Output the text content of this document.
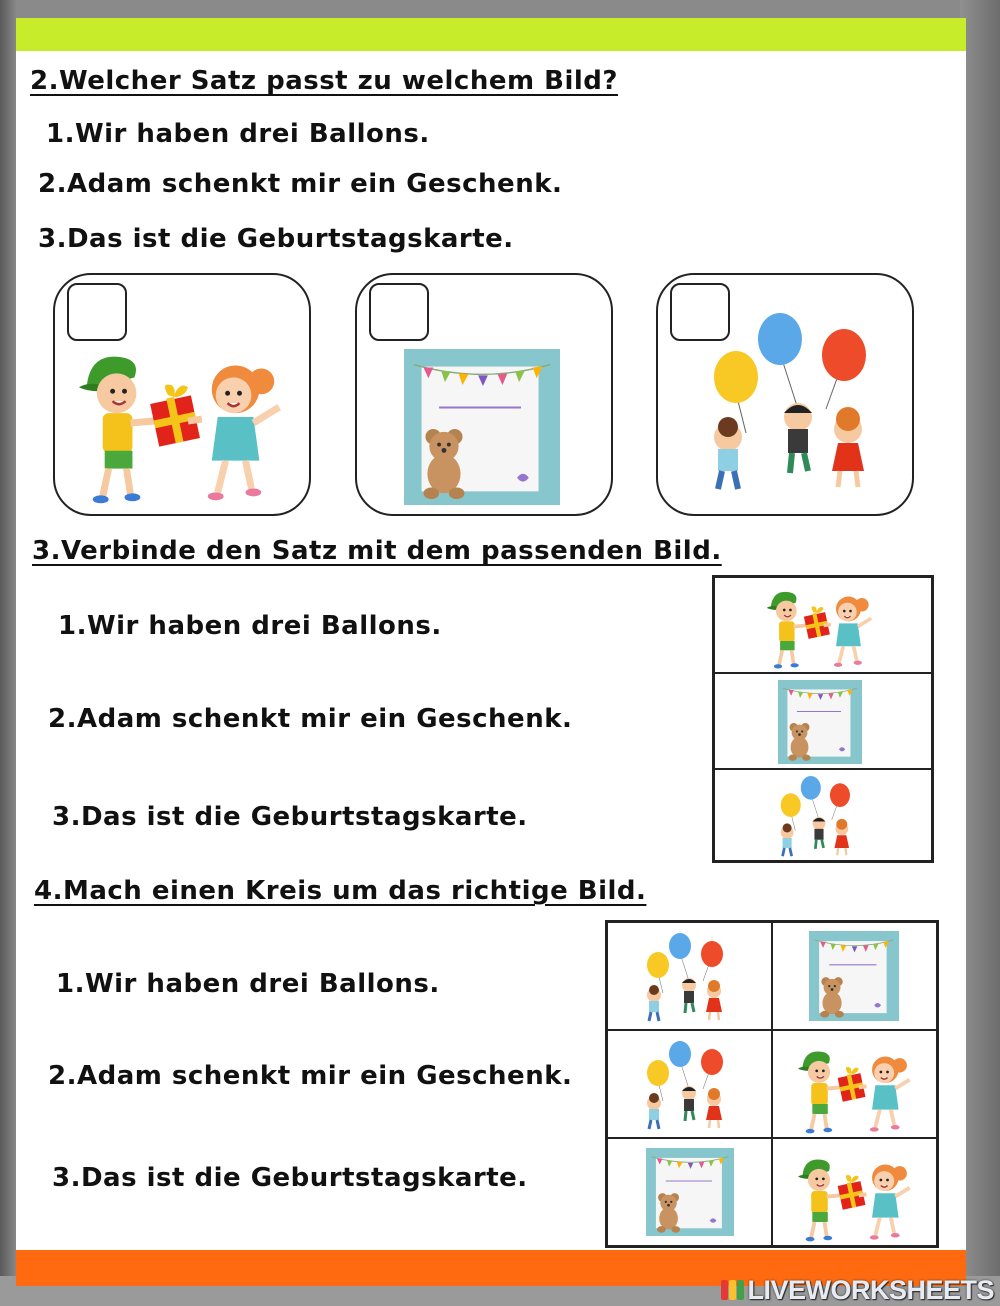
2.Welcher Satz passt zu welchem Bild?
1.Wir haben drei Ballons.
2.Adam schenkt mir ein Geschenk.
3.Das ist die Geburtstagskarte.
3.Verbinde den Satz mit dem passenden Bild.
1.Wir haben drei Ballons.
2.Adam schenkt mir ein Geschenk.
3.Das ist die Geburtstagskarte.
4.Mach einen Kreis um das richtige Bild.
1.Wir haben drei Ballons.
2.Adam schenkt mir ein Geschenk.
3.Das ist die Geburtstagskarte.
LIVEWORKSHEETS
